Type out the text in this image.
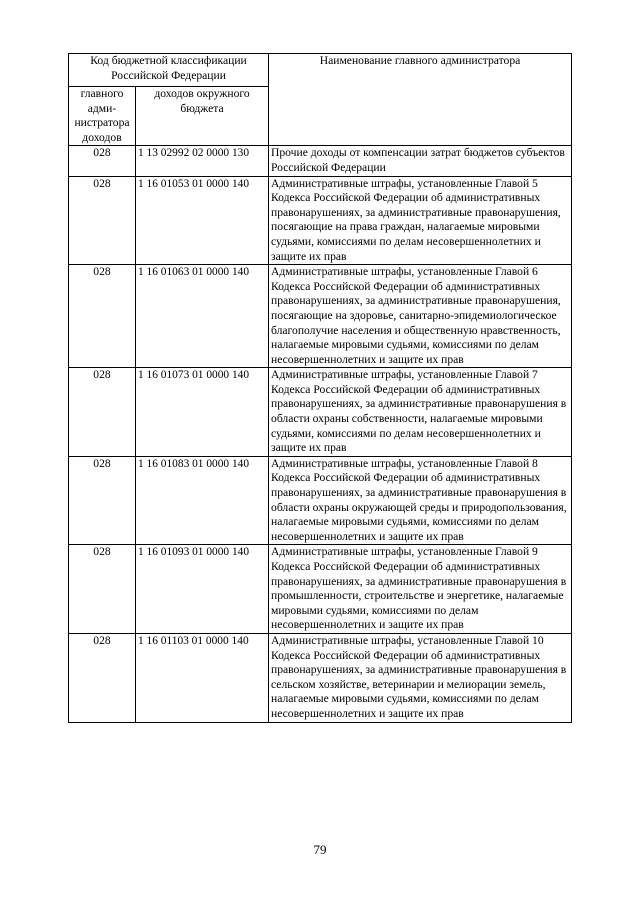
Код бюджетной классификации Российской Федерации		Наименование главного администратора
главного адми-нистратора доходов	доходов окружного бюджета	
028	1 13 02992 02 0000 130	Прочие доходы от компенсации затрат бюджетов субъектов Российской Федерации
028	1 16 01053 01 0000 140	Административные штрафы, установленные Главой 5 Кодекса Российской Федерации об административных правонарушениях, за административные правонарушения, посягающие на права граждан, налагаемые мировыми судьями, комиссиями по делам несовершеннолетних и защите их прав
028	1 16 01063 01 0000 140	Административные штрафы, установленные Главой 6 Кодекса Российской Федерации об административных правонарушениях, за административные правонарушения, посягающие на здоровье, санитарно-эпидемиологическое благополучие населения и общественную нравственность, налагаемые мировыми судьями, комиссиями по делам несовершеннолетних и защите их прав
028	1 16 01073 01 0000 140	Административные штрафы, установленные Главой 7 Кодекса Российской Федерации об административных правонарушениях, за административные правонарушения в области охраны собственности, налагаемые мировыми судьями, комиссиями по делам несовершеннолетних и защите их прав
028	1 16 01083 01 0000 140	Административные штрафы, установленные Главой 8 Кодекса Российской Федерации об административных правонарушениях, за административные правонарушения в области охраны окружающей среды и природопользования, налагаемые мировыми судьями, комиссиями по делам несовершеннолетних и защите их прав
028	1 16 01093 01 0000 140	Административные штрафы, установленные Главой 9 Кодекса Российской Федерации об административных правонарушениях, за административные правонарушения в промышленности, строительстве и энергетике, налагаемые мировыми судьями, комиссиями по делам несовершеннолетних и защите их прав
028	1 16 01103 01 0000 140	Административные штрафы, установленные Главой 10 Кодекса Российской Федерации об административных правонарушениях, за административные правонарушения в сельском хозяйстве, ветеринарии и мелиорации земель, налагаемые мировыми судьями, комиссиями по делам несовершеннолетних и защите их прав
79
